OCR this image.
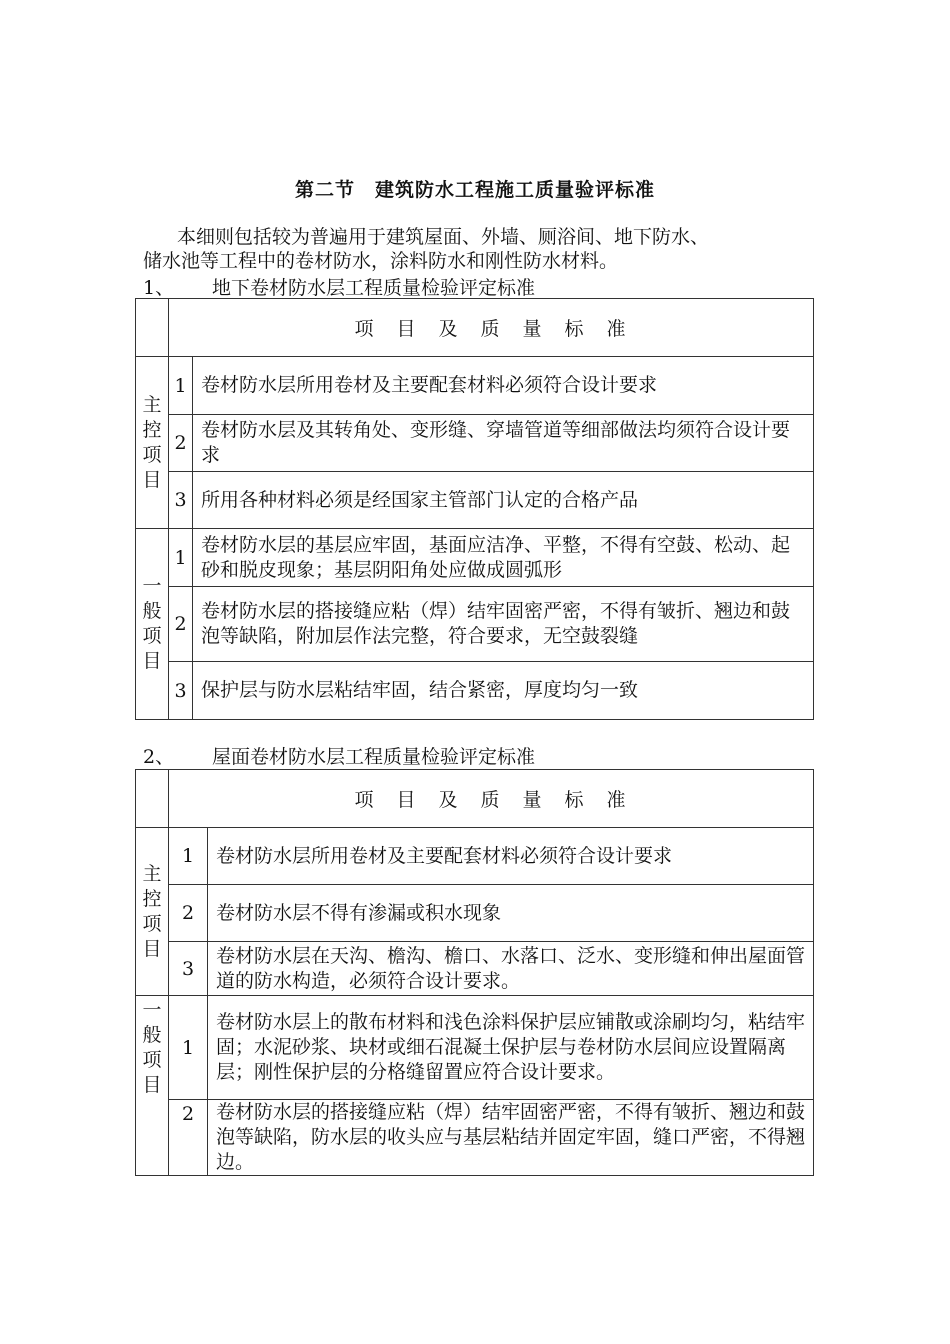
第二节　建筑防水工程施工质量验评标准
本细则包括较为普遍用于建筑屋面、外墙、厕浴间、地下防水、
储水池等工程中的卷材防水，涂料防水和刚性防水材料。
1、 地下卷材防水层工程质量检验评定标准
	项　目　及　质　量　标　准	

主
控
项
目	1	卷材防水层所用卷材及主要配套材料必须符合设计要求
	2	卷材防水层及其转角处、变形缝、穿墙管道等细部做法均须符合设计要求
	3	所用各种材料必须是经国家主管部门认定的合格产品

一
般
项
目	1	卷材防水层的基层应牢固，基面应洁净、平整，不得有空鼓、松动、起砂和脱皮现象；基层阴阳角处应做成圆弧形
	2	卷材防水层的搭接缝应粘（焊）结牢固密严密，不得有皱折、翘边和鼓泡等缺陷，附加层作法完整，符合要求，无空鼓裂缝
	3	保护层与防水层粘结牢固，结合紧密，厚度均匀一致
2、 屋面卷材防水层工程质量检验评定标准
	项　目　及　质　量　标　准	

主
控
项
目	1	卷材防水层所用卷材及主要配套材料必须符合设计要求
	2	卷材防水层不得有渗漏或积水现象
	3	卷材防水层在天沟、檐沟、檐口、水落口、泛水、变形缝和伸出屋面管道的防水构造，必须符合设计要求。

一
般
项
目	1	卷材防水层上的散布材料和浅色涂料保护层应铺散或涂刷均匀，粘结牢固；水泥砂浆、块材或细石混凝土保护层与卷材防水层间应设置隔离层；刚性保护层的分格缝留置应符合设计要求。
	2	卷材防水层的搭接缝应粘（焊）结牢固密严密，不得有皱折、翘边和鼓泡等缺陷，防水层的收头应与基层粘结并固定牢固，缝口严密，不得翘边。
